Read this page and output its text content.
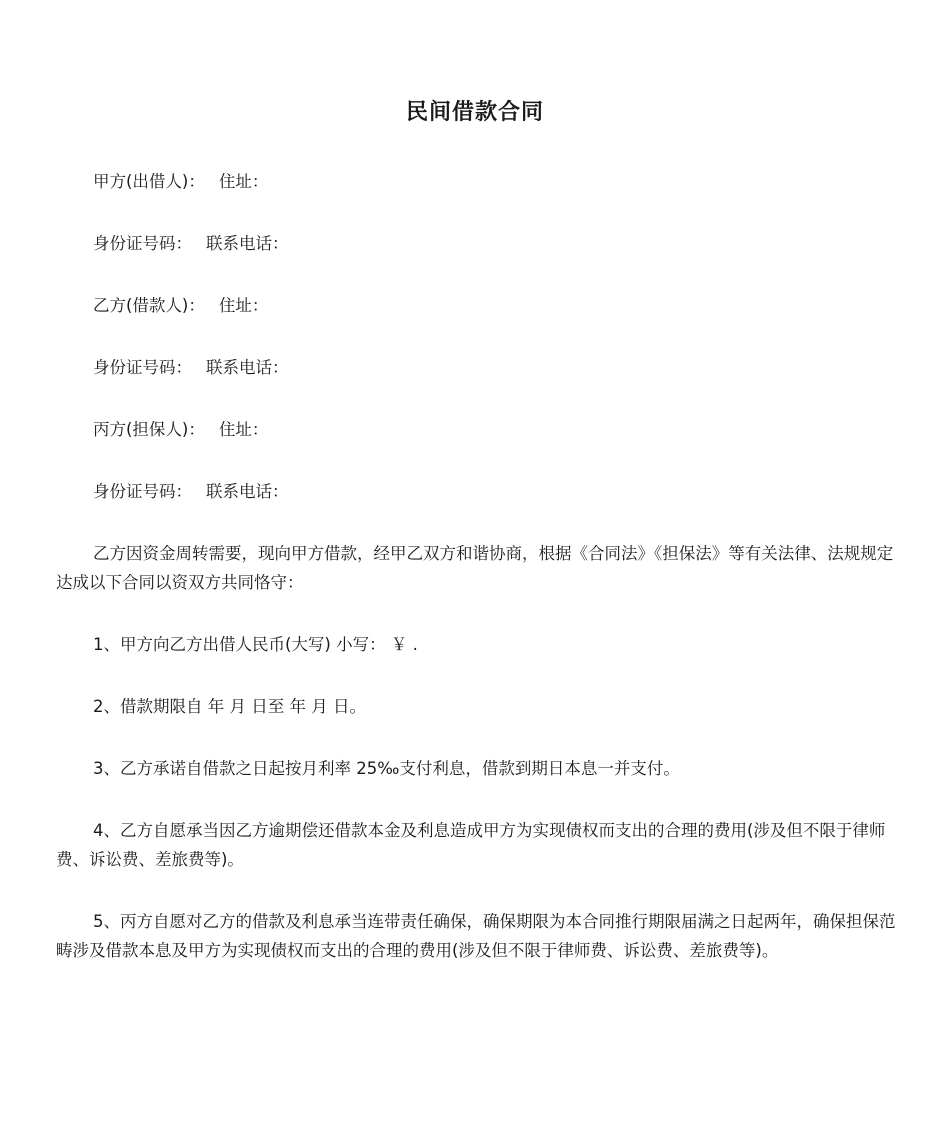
民间借款合同

甲方(出借人)： 住址：

身份证号码： 联系电话：

乙方(借款人)： 住址：

身份证号码： 联系电话：

丙方(担保人)： 住址：

身份证号码： 联系电话：

乙方因资金周转需要，现向甲方借款，经甲乙双方和谐协商，根据《合同法》《担保法》等有关法律、法规规定达成以下合同以资双方共同恪守：

1、甲方向乙方出借人民币(大写) 小写： ￥ .

2、借款期限自 年 月 日至 年 月 日。

3、乙方承诺自借款之日起按月利率 25‰支付利息，借款到期日本息一并支付。

4、乙方自愿承当因乙方逾期偿还借款本金及利息造成甲方为实现债权而支出的合理的费用(涉及但不限于律师费、诉讼费、差旅费等)。

5、丙方自愿对乙方的借款及利息承当连带责任确保，确保期限为本合同推行期限届满之日起两年，确保担保范畴涉及借款本息及甲方为实现债权而支出的合理的费用(涉及但不限于律师费、诉讼费、差旅费等)。
